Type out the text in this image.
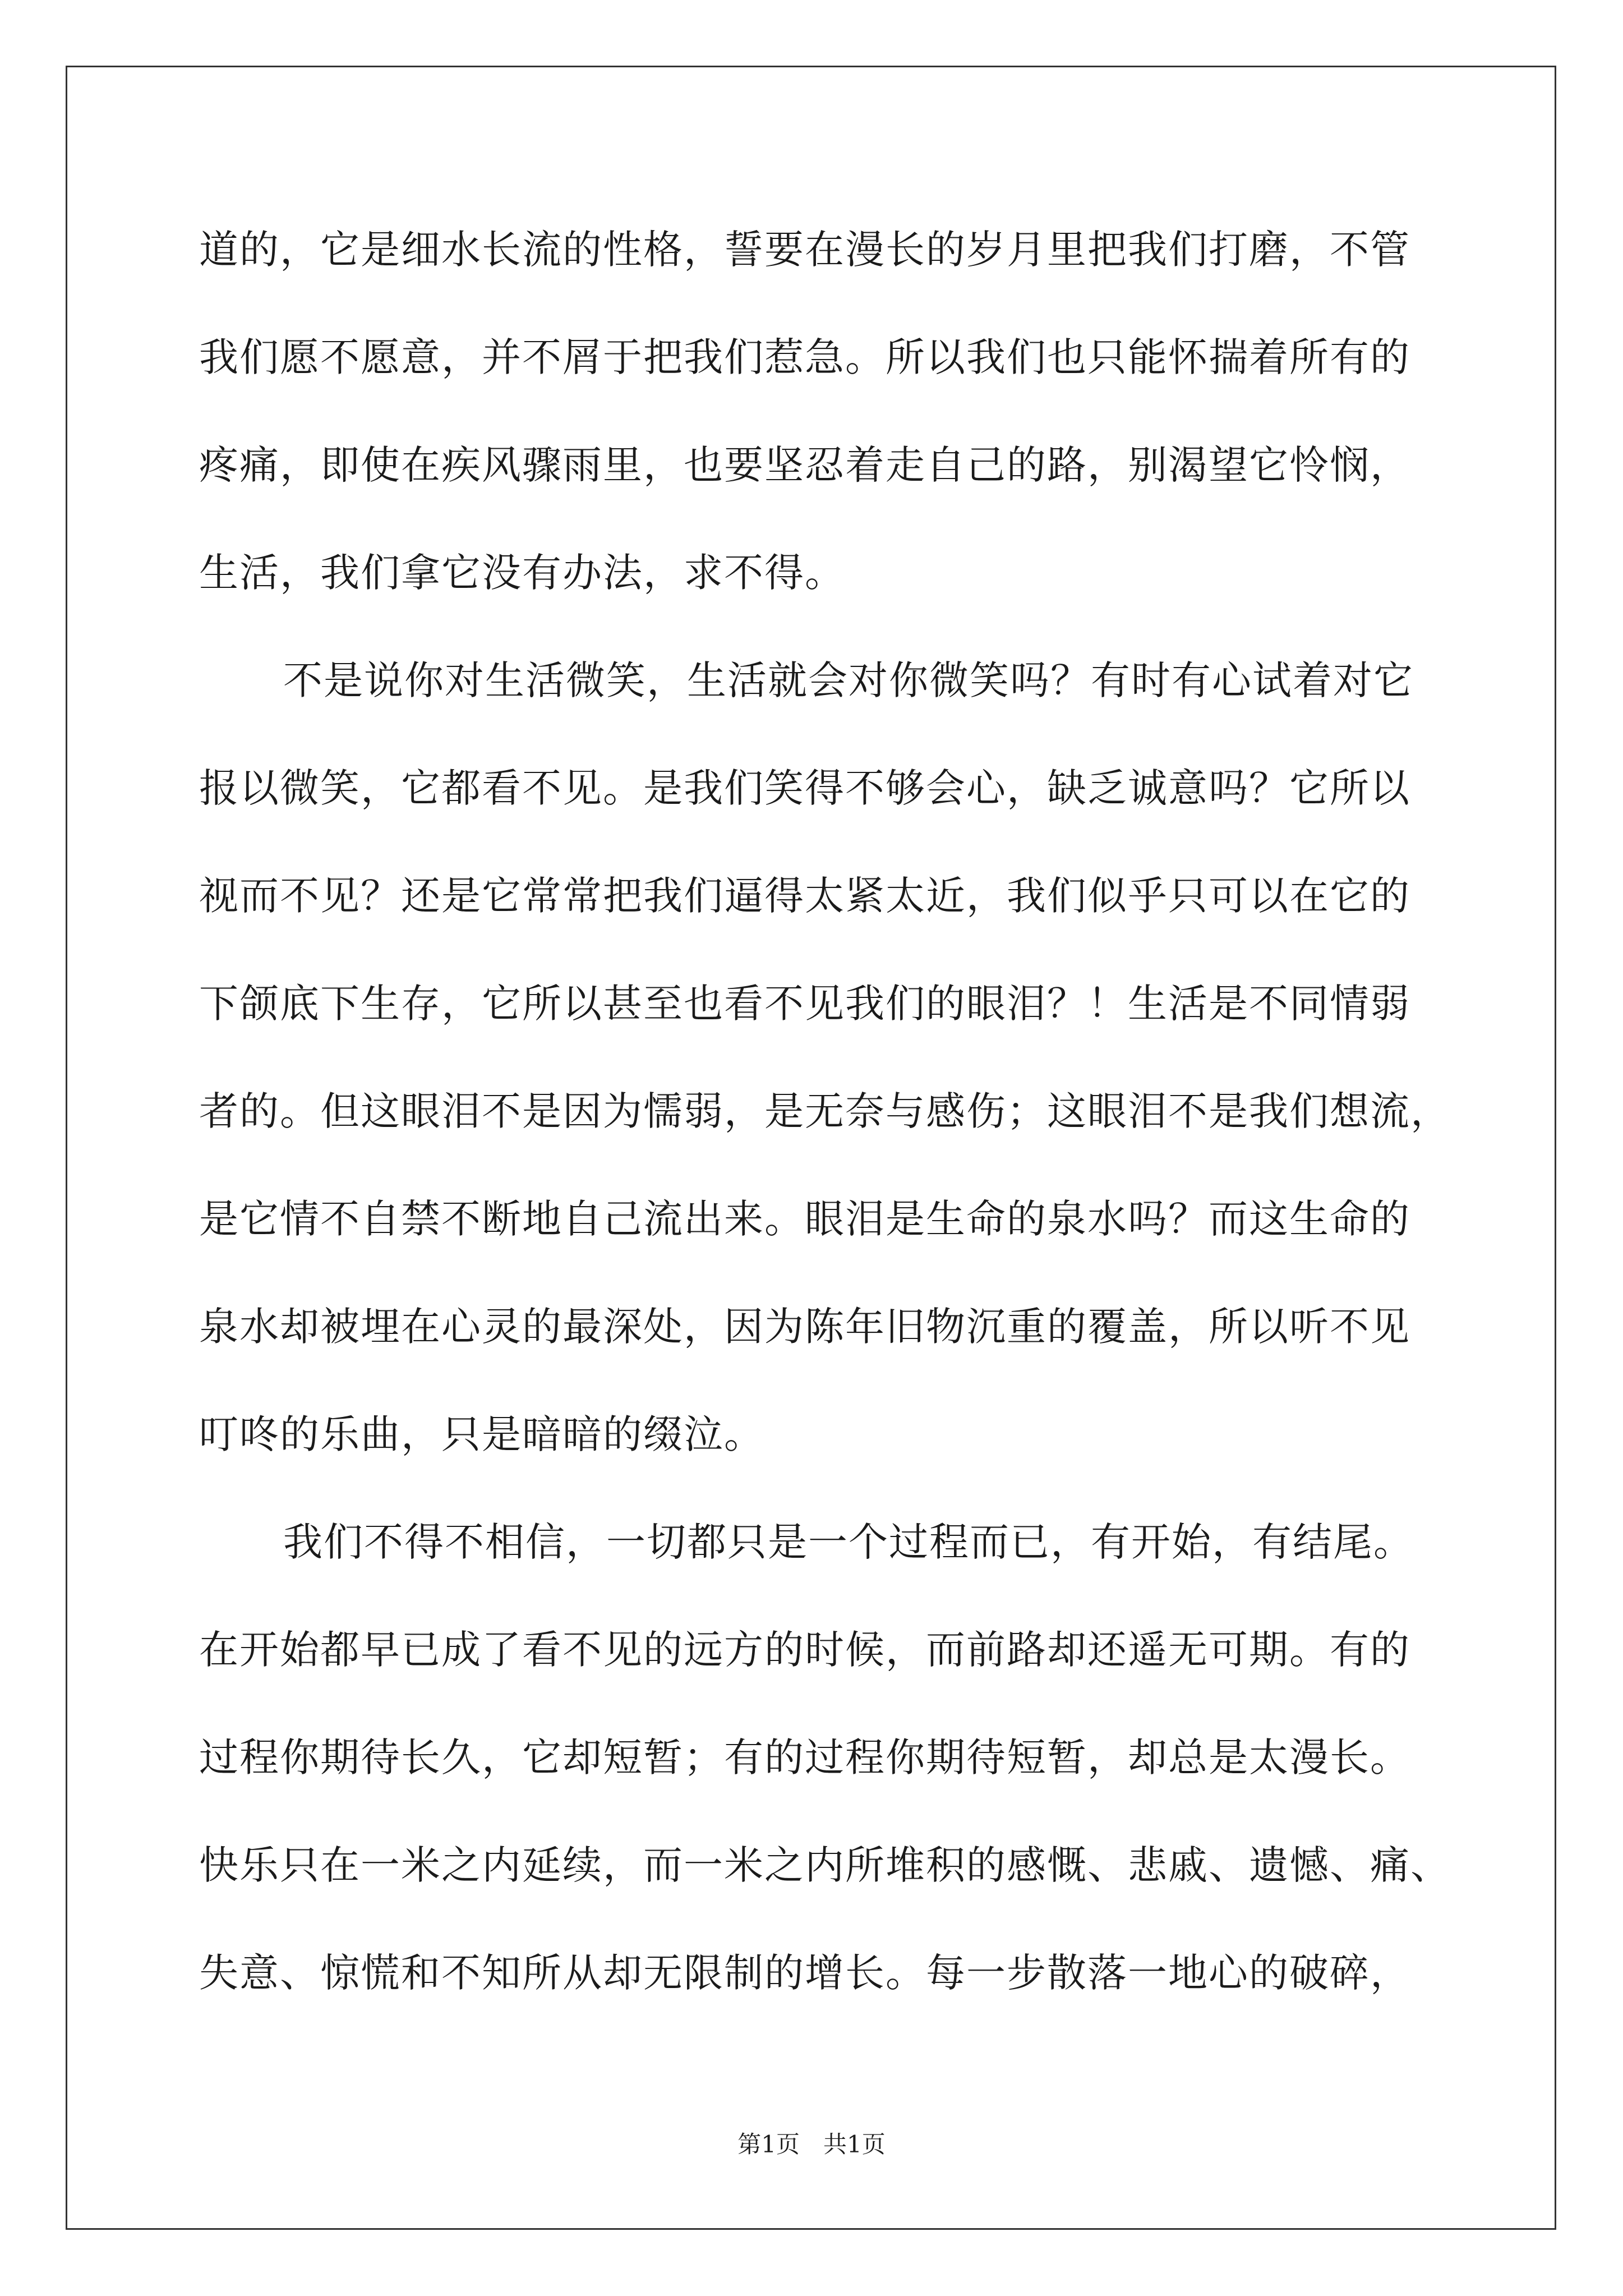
道的，它是细水长流的性格，誓要在漫长的岁月里把我们打磨，不管
我们愿不愿意，并不屑于把我们惹急。所以我们也只能怀揣着所有的
疼痛，即使在疾风骤雨里，也要坚忍着走自己的路，别渴望它怜悯，
生活，我们拿它没有办法，求不得。
不是说你对生活微笑，生活就会对你微笑吗？有时有心试着对它
报以微笑，它都看不见。是我们笑得不够会心，缺乏诚意吗？它所以
视而不见？还是它常常把我们逼得太紧太近，我们似乎只可以在它的
下颌底下生存，它所以甚至也看不见我们的眼泪？！生活是不同情弱
者的。但这眼泪不是因为懦弱，是无奈与感伤；这眼泪不是我们想流，
是它情不自禁不断地自己流出来。眼泪是生命的泉水吗？而这生命的
泉水却被埋在心灵的最深处，因为陈年旧物沉重的覆盖，所以听不见
叮咚的乐曲，只是暗暗的缀泣。
我们不得不相信，一切都只是一个过程而已，有开始，有结尾。
在开始都早已成了看不见的远方的时候，而前路却还遥无可期。有的
过程你期待长久，它却短暂；有的过程你期待短暂，却总是太漫长。
快乐只在一米之内延续，而一米之内所堆积的感慨、悲戚、遗憾、痛、
失意、惊慌和不知所从却无限制的增长。每一步散落一地心的破碎，
第1页　共1页
